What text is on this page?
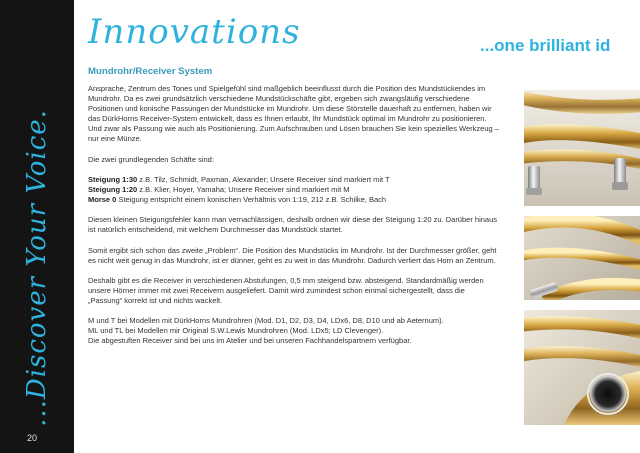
...Discover Your Voice.
20
Innovations	...one brilliant id
Mundrohr/Receiver System

Ansprache, Zentrum des Tones und Spielgefühl sind maßgeblich beeinflusst durch die Position des Mundstückendes im Mundrohr. Da es zwei grundsätzlich verschiedene Mundstückschäfte gibt, ergeben sich zwangsläufig verschiedene Positionen und konische Passungen der Mundstücke im Mundrohr. Um diese Störstelle dauerhaft zu entfernen, haben wir das DürkHorns Receiver-System entwickelt, dass es Ihnen erlaubt, Ihr Mundstück optimal im Mundrohr zu positionieren. Und zwar als Passung wie auch als Positionierung. Zum Aufschrauben und Lösen brauchen Sie kein spezielles Werkzeug – nur eine Münze.

Die zwei grundlegenden Schäfte sind:

Steigung 1:30 z.B. Tilz, Schmidt, Paxman, Alexander; Unsere Receiver sind markiert mit T
Steigung 1:20 z.B. Klier, Hoyer, Yamaha; Unsere Receiver sind markiert mit M
Morse 0 Steigung entspricht einem konischen Verhältnis von 1:19, 212 z.B. Schilke, Bach

Diesen kleinen Steigungsfehler kann man vernachlässigen, deshalb ordnen wir diese der Steigung 1:20 zu. Darüber hinaus ist natürlich entscheidend, mit welchem Durchmesser das Mundstück startet.

Somit ergibt sich schon das zweite „Problem“. Die Position des Mundstücks im Mundrohr. Ist der Durchmesser größer, geht es nicht weit genug in das Mundrohr, ist er dünner, geht es zu weit in das Mundrohr. Dadurch verliert das Horn an Zentrum.

Deshalb gibt es die Receiver in verschiedenen Abstufungen, 0,5 mm steigend bzw. absteigend. Standardmäßig werden unsere Hörner immer mit zwei Receivern ausgeliefert. Damit wird zumindest schon einmal sichergestellt, dass die „Passung“ korrekt ist und nichts wackelt.

M und T bei Modellen mit DürkHorns Mundrohren (Mod. D1, D2, D3, D4, LDx6, D8, D10 und ab Aeternum).
ML und TL bei Modellen mir Original S.W.Lewis Mundrohren (Mod. LDx5; LD Clevenger).
Die abgestuften Receiver sind bei uns im Atelier und bei unseren Fachhandelspartnern verfügbar.
